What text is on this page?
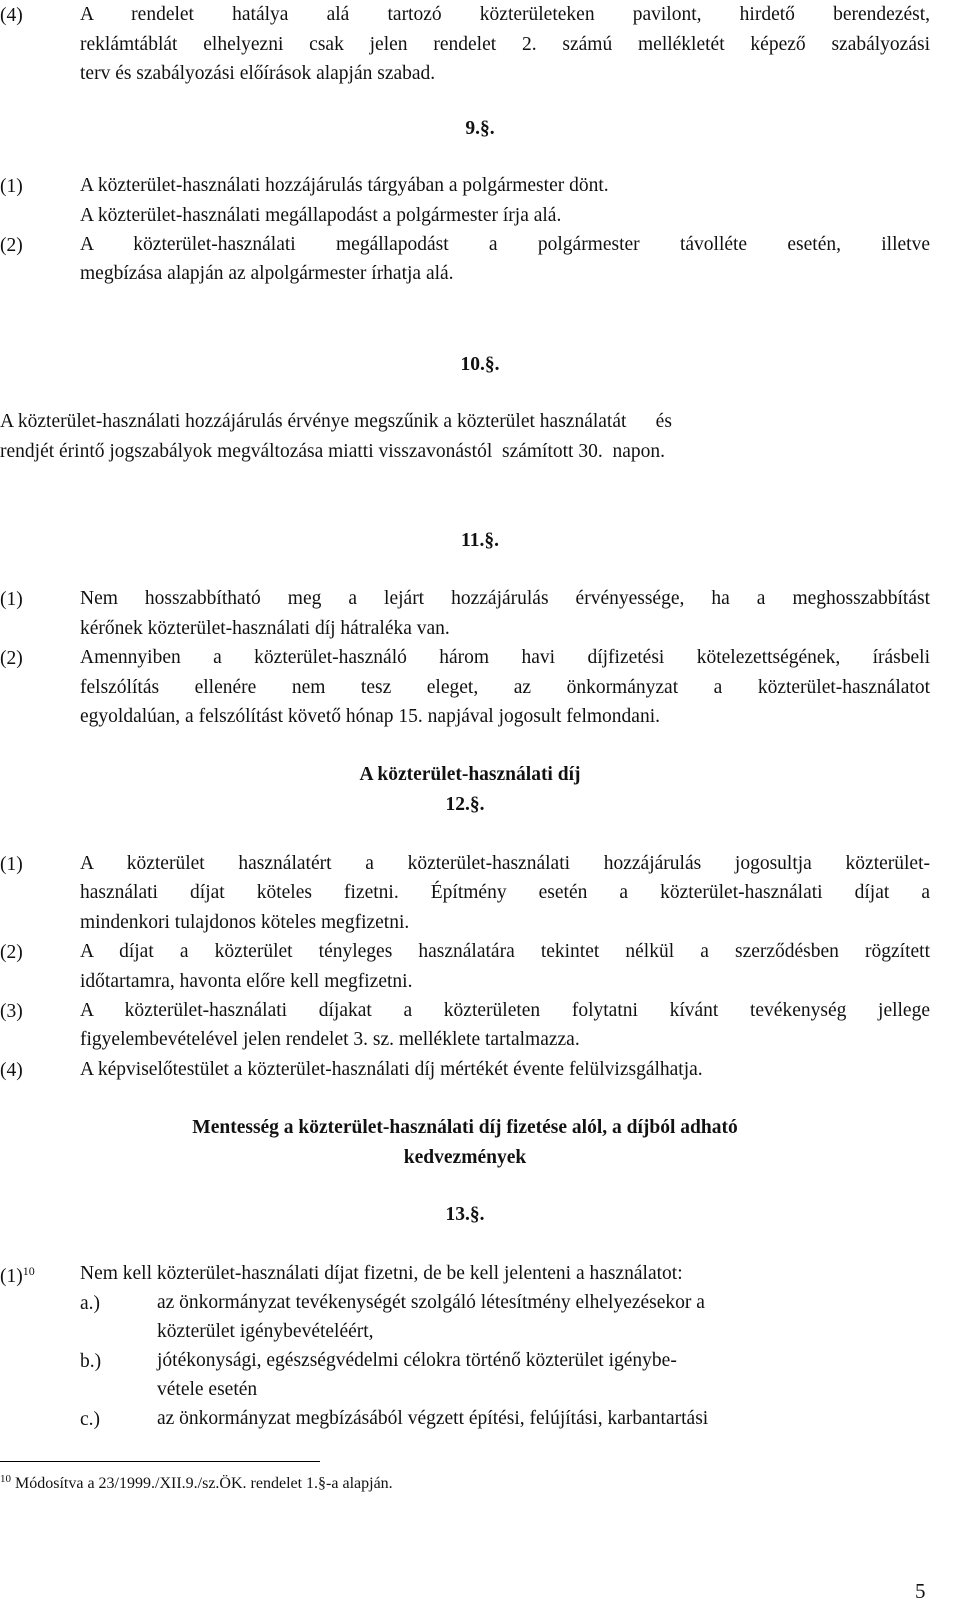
(4)	A rendelet hatálya alá tartozó közterületeken pavilont, hirdető berendezést,
reklámtáblát elhelyezni csak jelen rendelet 2. számú mellékletét képező szabályozási
terv és szabályozási előírások alapján szabad.
9.§.
(1)	A közterület-használati hozzájárulás tárgyában a polgármester dönt.
A közterület-használati megállapodást a polgármester írja alá.
(2)	A közterület-használati megállapodást a polgármester távolléte esetén, illetve
megbízása alapján az alpolgármester írhatja alá.
10.§.
A közterület-használati hozzájárulás érvénye megszűnik a közterület használatát      és
rendjét érintő jogszabályok megváltozása miatti visszavonástól  számított 30.  napon.
11.§.
(1)	Nem hosszabbítható meg a lejárt hozzájárulás érvényessége, ha a meghosszabbítást
kérőnek közterület-használati díj hátraléka van.
(2)	Amennyiben a közterület-használó három havi díjfizetési kötelezettségének, írásbeli
felszólítás ellenére nem tesz eleget, az önkormányzat a közterület-használatot
egyoldalúan, a felszólítást követő hónap 15. napjával jogosult felmondani.
A közterület-használati díj
12.§.
(1)	A közterület használatért a közterület-használati hozzájárulás jogosultja közterület-
használati díjat köteles fizetni. Építmény esetén a közterület-használati díjat a
mindenkori tulajdonos köteles megfizetni.
(2)	A díjat a közterület tényleges használatára tekintet nélkül a szerződésben rögzített
időtartamra, havonta előre kell megfizetni.
(3)	A közterület-használati díjakat a közterületen folytatni kívánt tevékenység jellege
figyelembevételével jelen rendelet 3. sz. melléklete tartalmazza.
(4)	A képviselőtestület a közterület-használati díj mértékét évente felülvizsgálhatja.
Mentesség a közterület-használati díj fizetése alól, a díjból adható
kedvezmények
13.§.
$(1)^{10}$ Nem kell közterület-használati díjat fizetni, de be kell jelenteni a használatot:
a.)	az önkormányzat tevékenységét szolgáló létesítmény elhelyezésekor a
közterület igénybevételéért,
b.)	jótékonysági, egészségvédelmi célokra történő közterület igénybe-
vétele esetén
c.)	az önkormányzat megbízásából végzett építési, felújítási, karbantartási
$^{10}$ Módosítva a 23/1999./XII.9./sz.ÖK. rendelet 1.§-a alapján.
5
